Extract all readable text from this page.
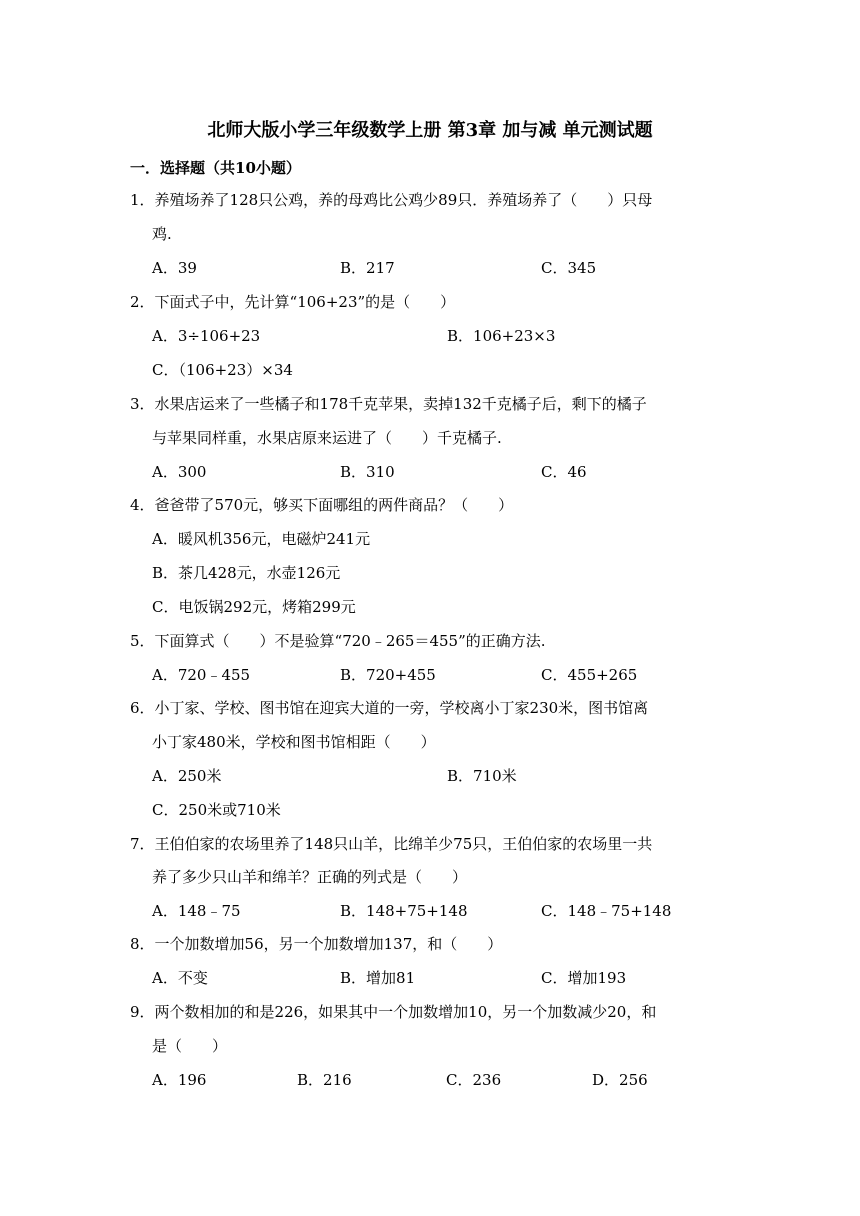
北师大版小学三年级数学上册 第3章 加与减 单元测试题
一．选择题（共10小题）
1．养殖场养了128只公鸡，养的母鸡比公鸡少89只．养殖场养了（　　）只母
鸡.
A．39	B．217	C．345
2．下面式子中，先计算“106+23”的是（　　）
A．3÷106+23	B．106+23×3
C．（106+23）×34
3．水果店运来了一些橘子和178千克苹果，卖掉132千克橘子后，剩下的橘子
与苹果同样重，水果店原来运进了（　　）千克橘子.
A．300	B．310	C．46
4．爸爸带了570元，够买下面哪组的两件商品？（　　）
A．暖风机356元，电磁炉241元
B．茶几428元，水壶126元
C．电饭锅292元，烤箱299元
5．下面算式（　　）不是验算“720﹣265＝455”的正确方法.
A．720﹣455	B．720+455	C．455+265
6．小丁家、学校、图书馆在迎宾大道的一旁，学校离小丁家230米，图书馆离
小丁家480米，学校和图书馆相距（　　）
A．250米	B．710米
C．250米或710米
7．王伯伯家的农场里养了148只山羊，比绵羊少75只，王伯伯家的农场里一共
养了多少只山羊和绵羊？正确的列式是（　　）
A．148﹣75	B．148+75+148	C．148﹣75+148
8．一个加数增加56，另一个加数增加137，和（　　）
A．不变	B．增加81	C．增加193
9．两个数相加的和是226，如果其中一个加数增加10，另一个加数减少20，和
是（　　）
A．196	B．216	C．236	D．256
